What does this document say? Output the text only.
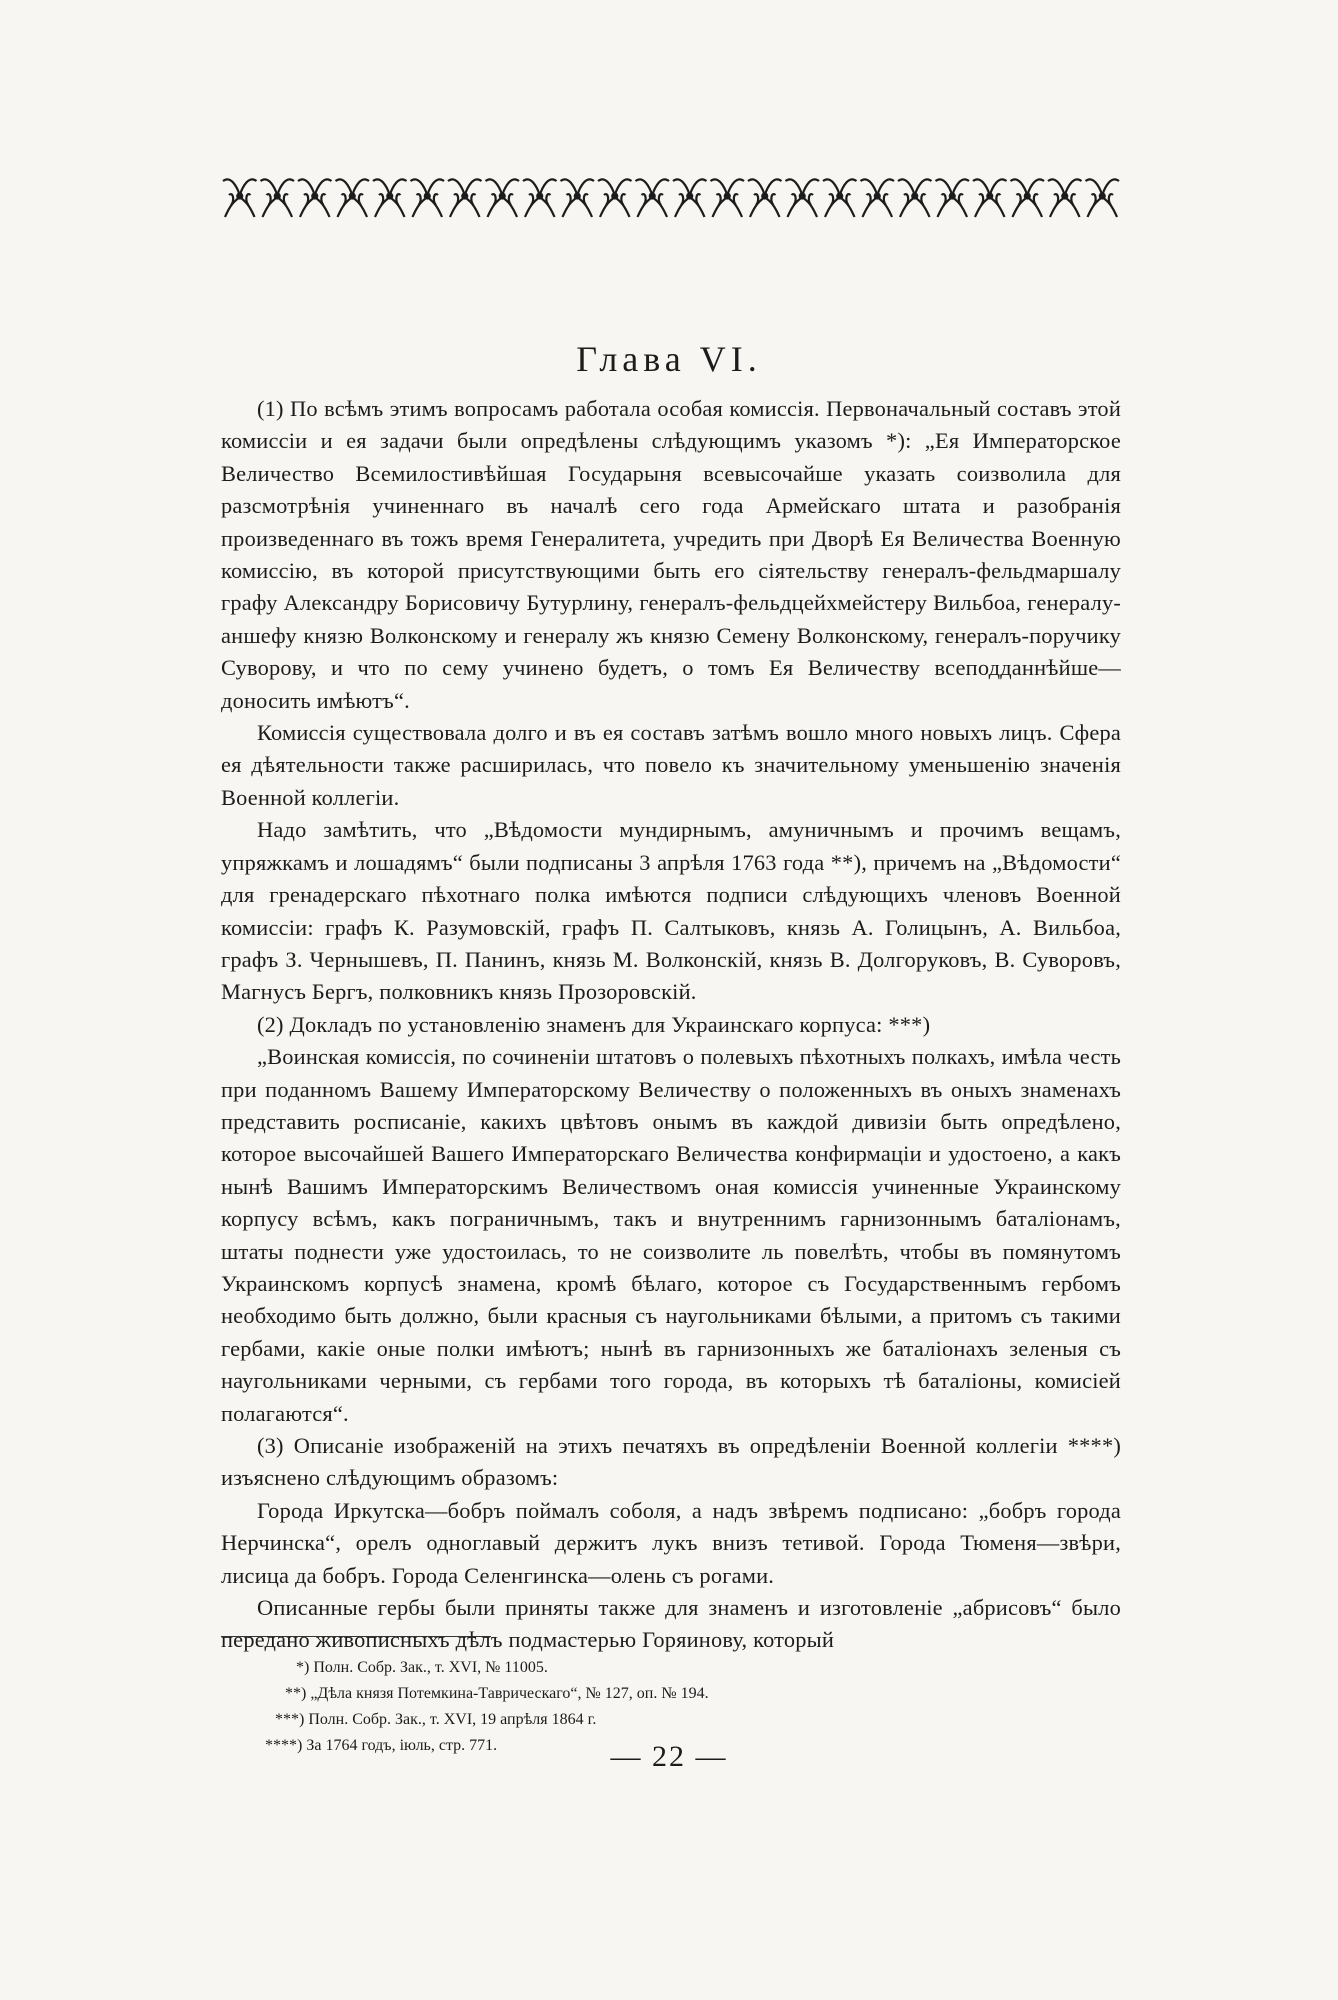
Глава VI.

(1) По всѣмъ этимъ вопросамъ работала особая комиссія. Первоначальный составъ этой комиссіи и ея задачи были опредѣлены слѣдующимъ указомъ *): „Ея Императорское Величество Всемилостивѣйшая Государыня всевысочайше указать соизволила для разсмотрѣнія учиненнаго въ началѣ сего года Армейскаго штата и разобранія произведеннаго въ тожъ время Генералитета, учредить при Дворѣ Ея Величества Военную комиссію, въ которой присутствующими быть его сіятельству генералъ-фельдмаршалу графу Александру Борисовичу Бутурлину, генералъ-фельдцейхмейстеру Вильбоа, генералу-аншефу князю Волконскому и генералу жъ князю Семену Волконскому, генералъ-поручику Суворову, и что по сему учинено будетъ, о томъ Ея Величеству всеподданнѣйше— доносить имѣютъ“.

Комиссія существовала долго и въ ея составъ затѣмъ вошло много новыхъ лицъ. Сфера ея дѣятельности также расширилась, что повело къ значительному уменьшенію значенія Военной коллегіи.

Надо замѣтить, что „Вѣдомости мундирнымъ, амуничнымъ и прочимъ вещамъ, упряжкамъ и лошадямъ“ были подписаны 3 апрѣля 1763 года **), причемъ на „Вѣдомости“ для гренадерскаго пѣхотнаго полка имѣются подписи слѣдующихъ членовъ Военной комиссіи: графъ К. Разумовскій, графъ П. Салтыковъ, князь А. Голицынъ, А. Вильбоа, графъ З. Чернышевъ, П. Панинъ, князь М. Волконскій, князь В. Долгоруковъ, В. Суворовъ, Магнусъ Бергъ, полковникъ князь Прозоровскій.

(2) Докладъ по установленію знаменъ для Украинскаго корпуса: ***)

„Воинская комиссія, по сочиненіи штатовъ о полевыхъ пѣхотныхъ полкахъ, имѣла честь при поданномъ Вашему Императорскому Величеству о положенныхъ въ оныхъ знаменахъ представить росписаніе, какихъ цвѣтовъ онымъ въ каждой дивизіи быть опредѣлено, которое высочайшей Вашего Императорскаго Величества конфирмаціи и удостоено, а какъ нынѣ Вашимъ Императорскимъ Величествомъ оная комиссія учиненные Украинскому корпусу всѣмъ, какъ пограничнымъ, такъ и внутреннимъ гарнизоннымъ баталіонамъ, штаты поднести уже удостоилась, то не соизволите ль повелѣть, чтобы въ помянутомъ Украинскомъ корпусѣ знамена, кромѣ бѣлаго, которое съ Государственнымъ гербомъ необходимо быть должно, были красныя съ наугольниками бѣлыми, а притомъ съ такими гербами, какіе оные полки имѣютъ; нынѣ въ гарнизонныхъ же баталіонахъ зеленыя съ наугольниками черными, съ гербами того города, въ которыхъ тѣ баталіоны, комисіей полагаются“.

(3) Описаніе изображеній на этихъ печатяхъ въ опредѣленіи Военной коллегіи ****) изъяснено слѣдующимъ образомъ:

Города Иркутска—бобръ поймалъ соболя, а надъ звѣремъ подписано: „бобръ города Нерчинска“, орелъ одноглавый держитъ лукъ внизъ тетивой. Города Тюменя—звѣри, лисица да бобръ. Города Селенгинска—олень съ рогами.

Описанные гербы были приняты также для знаменъ и изготовленіе „абрисовъ“ было передано живописныхъ дѣлъ подмастерью Горяинову, который

*) Полн. Собр. Зак., т. XVI, № 11005.

**) „Дѣла князя Потемкина-Таврическаго“, № 127, оп. № 194.

***) Полн. Собр. Зак., т. XVI, 19 апрѣля 1864 г.

****) За 1764 годъ, іюль, стр. 771.	— 22 —
